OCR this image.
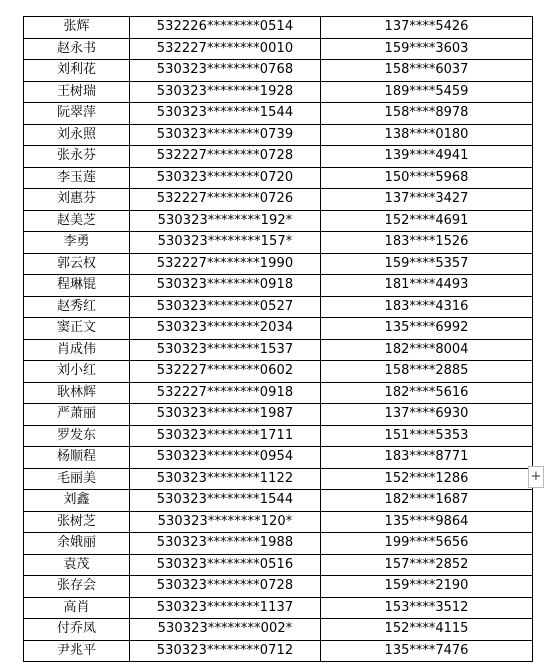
张辉	532226********0514	137****5426
赵永书	532227********0010	159****3603
刘利花	530323********0768	158****6037
王树瑞	530323********1928	189****5459
阮翠萍	530323********1544	158****8978
刘永照	530323********0739	138****0180
张永芬	532227********0728	139****4941
李玉莲	530323********0720	150****5968
刘惠芬	532227********0726	137****3427
赵美芝	530323********192*	152****4691
李勇	530323********157*	183****1526
郭云权	532227********1990	159****5357
程琳锟	530323********0918	181****4493
赵秀红	530323********0527	183****4316
窦正文	530323********2034	135****6992
肖成伟	530323********1537	182****8004
刘小红	532227********0602	158****2885
耿林辉	532227********0918	182****5616
严萧丽	530323********1987	137****6930
罗发东	530323********1711	151****5353
杨顺程	530323********0954	183****8771
毛丽美	530323********1122	152****1286
刘鑫	530323********1544	182****1687
张树芝	530323********120*	135****9864
余娥丽	530323********1988	199****5656
袁茂	530323********0516	157****2852
张存会	530323********0728	159****2190
高肖	530323********1137	153****3512
付乔凤	530323********002*	152****4115
尹兆平	530323********0712	135****7476
+
